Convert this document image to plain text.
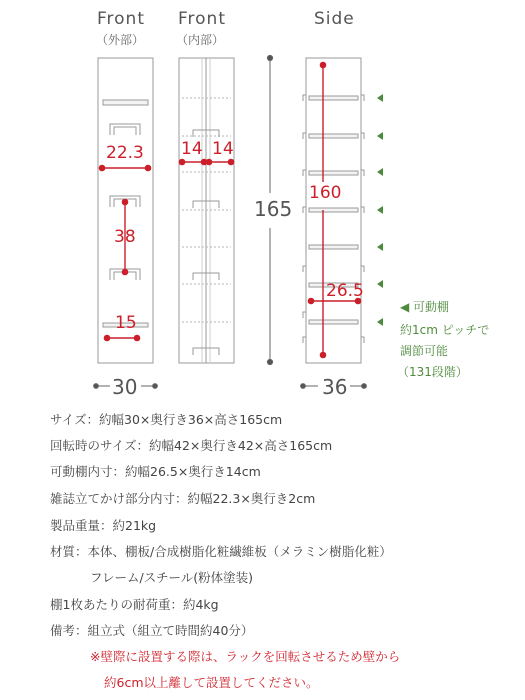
Front
（外部）
Front
（内部）
Side
22.3 14 14
38
15
165
160
26.5
30	36
◀ 可動棚
約1cm ピッチで
調節可能
（131段階）
サイズ：約幅30×奥行き36×高さ165cm
回転時のサイズ：約幅42×奥行き42×高さ165cm
可動棚内寸：約幅26.5×奥行き14cm
雑誌立てかけ部分内寸：約幅22.3×奥行き2cm
製品重量：約21kg
材質：本体、棚板/合成樹脂化粧繊維板（メラミン樹脂化粧）
フレーム/スチール(粉体塗装)
棚1枚あたりの耐荷重：約4kg
備考：組立式（組立て時間約40分）
※壁際に設置する際は、ラックを回転させるため壁から
約6cm以上離して設置してください。
